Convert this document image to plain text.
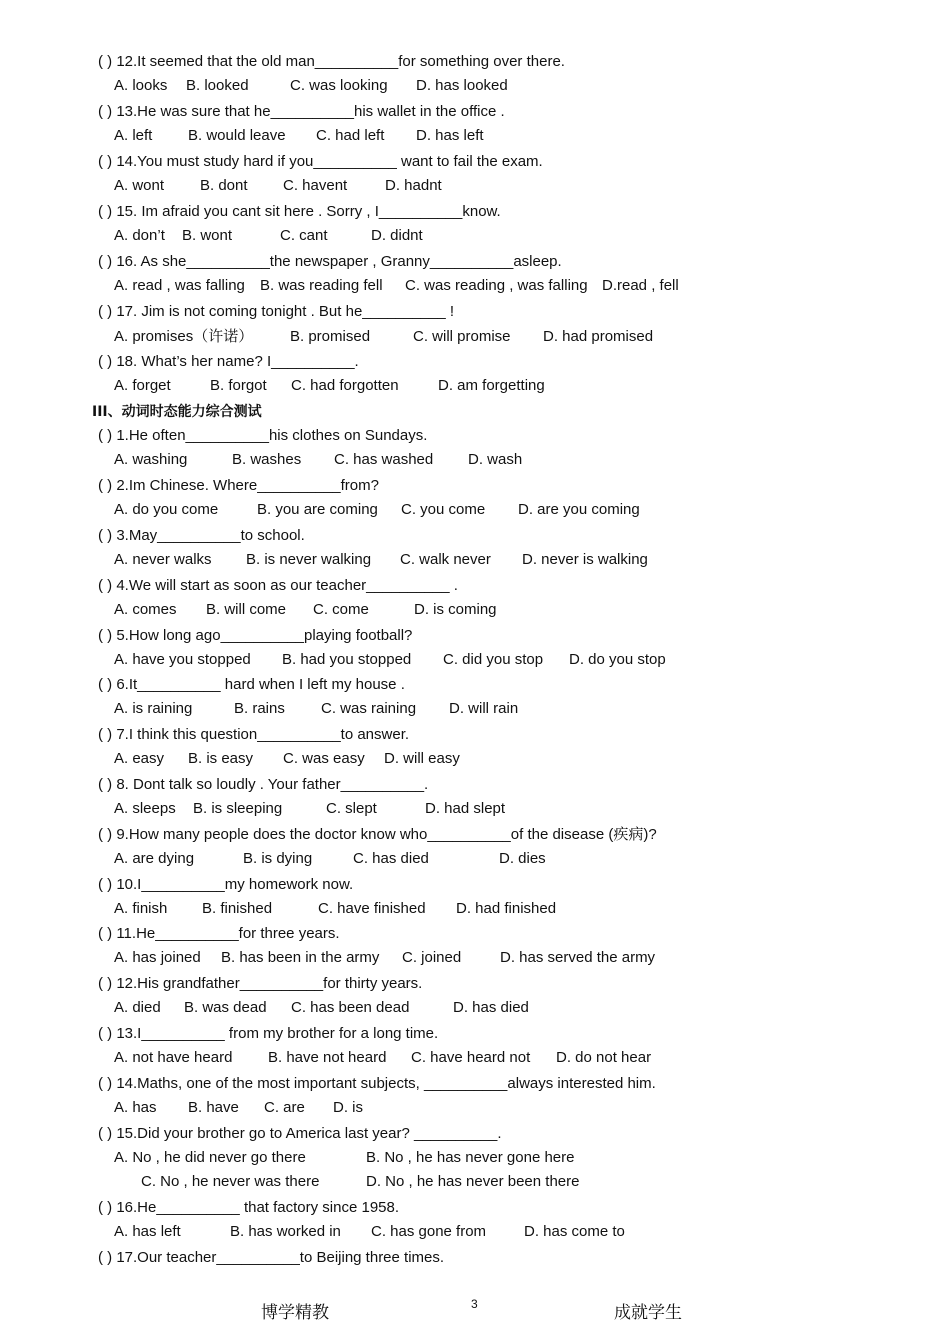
( ) 12.It seemed that the old man__________for something over there.
A. looks B. looked	C. was looking D. has looked
( ) 13.He was sure that he__________his wallet in the office .
A. left B. would leave C. had left D. has left
( ) 14.You must study hard if you__________ want to fail the exam.
A. wont B. dont C. havent	D. hadnt
( ) 15. Im afraid you cant sit here . Sorry , I__________know.
A. don’t B. wont	C. cant	D. didnt
( ) 16. As she__________the newspaper , Granny__________asleep.
A. read , was falling B. was reading fell C. was reading , was falling D.read , fell
( ) 17. Jim is not coming tonight . But he__________ !
A. promises（许诺） B. promised	C. will promise D. had promised
( ) 18. What’s her name? I__________.
A. forget	B. forgot C. had forgotten	D. am forgetting
III、动词时态能力综合测试
( ) 1.He often__________his clothes on Sundays.
A. washing	B. washes C. has washed D. wash
( ) 2.Im Chinese. Where__________from?
A. do you come	B. you are coming C. you come D. are you coming
( ) 3.May__________to school.
A. never walks B. is never walking C. walk never D. never is walking
( ) 4.We will start as soon as our teacher__________ .
A. comes B. will come C. come	D. is coming
( ) 5.How long ago__________playing football?
A. have you stopped B. had you stopped C. did you stop D. do you stop
( ) 6.It__________ hard when I left my house .
A. is raining	B. rains C. was raining D. will rain
( ) 7.I think this question__________to answer.
A. easy B. is easy C. was easy D. will easy
( ) 8. Dont talk so loudly . Your father__________.
A. sleeps B. is sleeping	C. slept	D. had slept
( ) 9.How many people does the doctor know who__________of the disease (疾病)?
A. are dying	B. is dying	C. has died	D. dies
( ) 10.I__________my homework now.
A. finish B. finished	C. have finished D. had finished
( ) 11.He__________for three years.
A. has joined B. has been in the army C. joined	D. has served the army
( ) 12.His grandfather__________for thirty years.
A. died B. was dead C. has been dead	D. has died
( ) 13.I__________ from my brother for a long time.
A. not have heard B. have not heard C. have heard not D. do not hear
( ) 14.Maths, one of the most important subjects, __________always interested him.
A. has B. have C. are D. is
( ) 15.Did your brother go to America last year? __________.
A. No , he did never go there	B. No , he has never gone here
C. No , he never was there	D. No , he has never been there
( ) 16.He__________ that factory since 1958.
A. has left	B. has worked in C. has gone from	D. has come to
( ) 17.Our teacher__________to Beijing three times.
博学精教	3	成就学生
